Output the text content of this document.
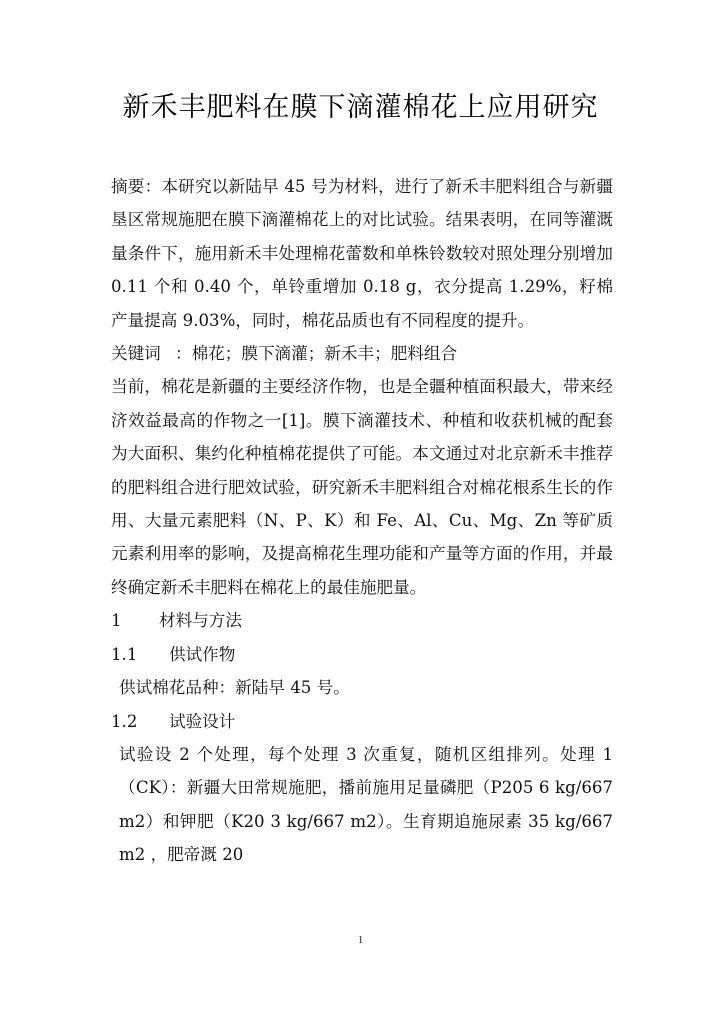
新禾丰肥料在膜下滴灌棉花上应用研究

摘要：本研究以新陆早 45 号为材料，进行了新禾丰肥料组合与新疆垦区常规施肥在膜下滴灌棉花上的对比试验。结果表明，在同等灌溉量条件下，施用新禾丰处理棉花蕾数和单株铃数较对照处理分别增加 0.11 个和 0.40 个，单铃重增加 0.18 g，衣分提高 1.29%，籽棉产量提高 9.03%，同时，棉花品质也有不同程度的提升。

关键词 ：棉花；膜下滴灌；新禾丰；肥料组合

当前，棉花是新疆的主要经济作物，也是全疆种植面积最大，带来经济效益最高的作物之一[1]。膜下滴灌技术、种植和收获机械的配套为大面积、集约化种植棉花提供了可能。本文通过对北京新禾丰推荐的肥料组合进行肥效试验，研究新禾丰肥料组合对棉花根系生长的作用、大量元素肥料（N、P、K）和 Fe、Al、Cu、Mg、Zn 等矿质元素利用率的影响，及提高棉花生理功能和产量等方面的作用，并最终确定新禾丰肥料在棉花上的最佳施肥量。

1 材料与方法

1.1 供试作物

供试棉花品种：新陆早 45 号。

1.2 试验设计

试验设 2 个处理，每个处理 3 次重复，随机区组排列。处理 1（CK）：新疆大田常规施肥，播前施用足量磷肥（P205 6 kg/667 m2）和钾肥（K20 3 kg/667 m2）。生育期追施尿素 35 kg/667 m2 ，肥帝溉 20

1
